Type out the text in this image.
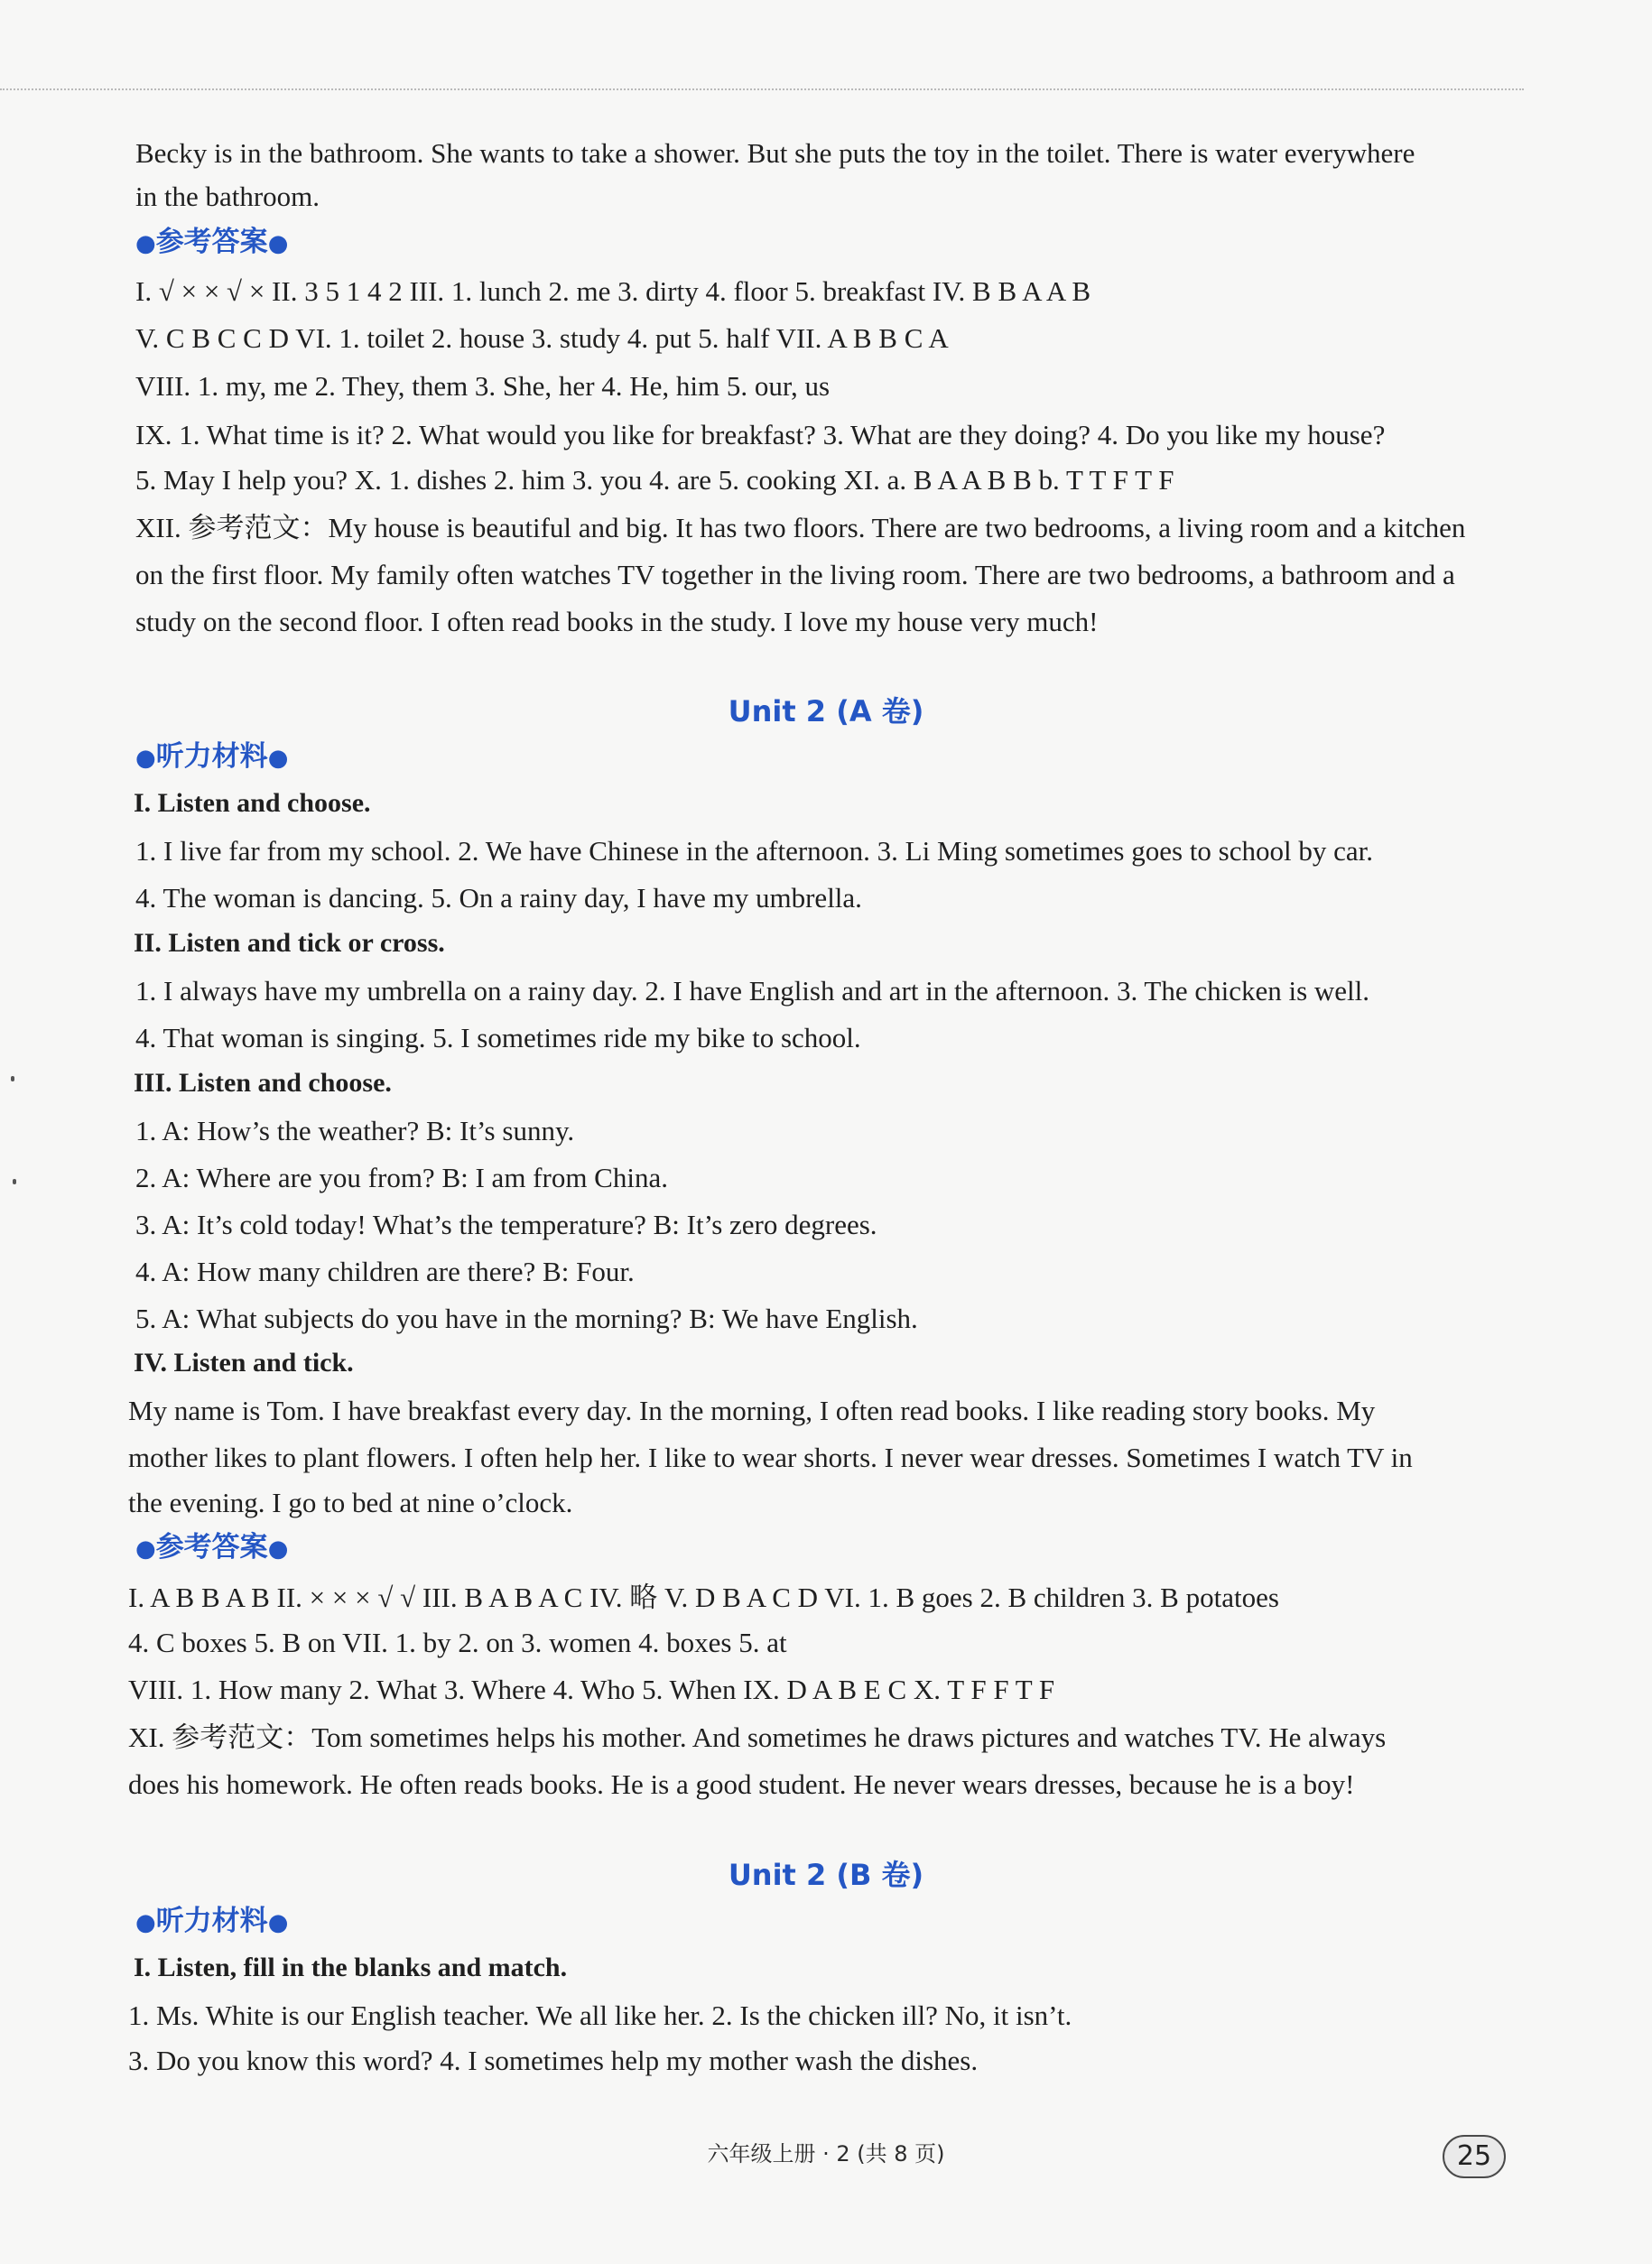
Becky is in the bathroom. She wants to take a shower. But she puts the toy in the toilet. There is water everywhere
in the bathroom.
●参考答案●
I. √ × × √ × II. 3 5 1 4 2 III. 1. lunch 2. me 3. dirty 4. floor 5. breakfast IV. B B A A B
V. C B C C D VI. 1. toilet 2. house 3. study 4. put 5. half VII. A B B C A
VIII. 1. my, me 2. They, them 3. She, her 4. He, him 5. our, us
IX. 1. What time is it? 2. What would you like for breakfast? 3. What are they doing? 4. Do you like my house?
5. May I help you? X. 1. dishes 2. him 3. you 4. are 5. cooking XI. a. B A A B B b. T T F T F
XII. 参考范文：My house is beautiful and big. It has two floors. There are two bedrooms, a living room and a kitchen
on the first floor. My family often watches TV together in the living room. There are two bedrooms, a bathroom and a
study on the second floor. I often read books in the study. I love my house very much!
Unit 2 (A 卷)
●听力材料●
I. Listen and choose.
1. I live far from my school. 2. We have Chinese in the afternoon. 3. Li Ming sometimes goes to school by car.
4. The woman is dancing. 5. On a rainy day, I have my umbrella.
II. Listen and tick or cross.
1. I always have my umbrella on a rainy day. 2. I have English and art in the afternoon. 3. The chicken is well.
4. That woman is singing. 5. I sometimes ride my bike to school.
III. Listen and choose.
1. A: How’s the weather? B: It’s sunny.
2. A: Where are you from? B: I am from China.
3. A: It’s cold today! What’s the temperature? B: It’s zero degrees.
4. A: How many children are there? B: Four.
5. A: What subjects do you have in the morning? B: We have English.
IV. Listen and tick.
My name is Tom. I have breakfast every day. In the morning, I often read books. I like reading story books. My
mother likes to plant flowers. I often help her. I like to wear shorts. I never wear dresses. Sometimes I watch TV in
the evening. I go to bed at nine o’clock.
●参考答案●
I. A B B A B II. × × × √ √ III. B A B A C IV. 略 V. D B A C D VI. 1. B goes 2. B children 3. B potatoes
4. C boxes 5. B on VII. 1. by 2. on 3. women 4. boxes 5. at
VIII. 1. How many 2. What 3. Where 4. Who 5. When IX. D A B E C X. T F F T F
XI. 参考范文：Tom sometimes helps his mother. And sometimes he draws pictures and watches TV. He always
does his homework. He often reads books. He is a good student. He never wears dresses, because he is a boy!
Unit 2 (B 卷)
●听力材料●
I. Listen, fill in the blanks and match.
1. Ms. White is our English teacher. We all like her. 2. Is the chicken ill? No, it isn’t.
3. Do you know this word? 4. I sometimes help my mother wash the dishes.
六年级上册 · 2 (共 8 页)	25
